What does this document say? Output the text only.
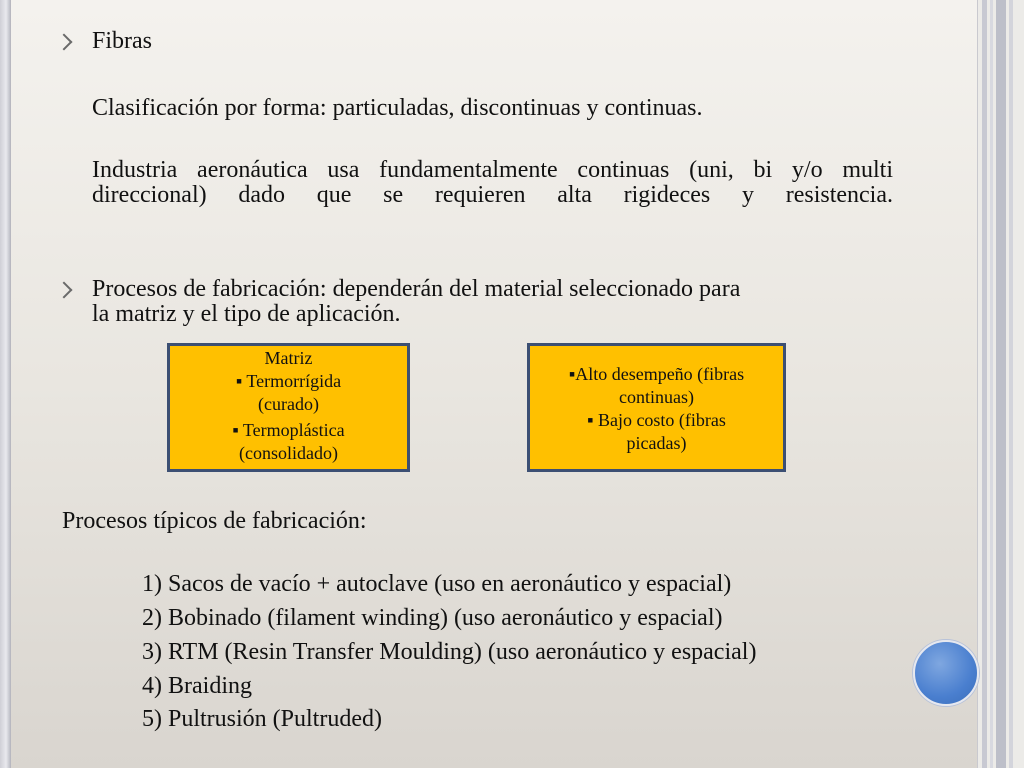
Fibras
Clasificación por forma: particuladas, discontinuas y continuas.
Industria aeronáutica usa fundamentalmente continuas (uni, bi y/o multi direccional) dado que se requieren alta rigideces y resistencia.
Procesos de fabricación: dependerán del material seleccionado para
la matriz y el tipo de aplicación.
Matriz
▪ Termorrígida
(curado)
▪ Termoplástica
(consolidado)
▪Alto desempeño (fibras
continuas)
▪ Bajo costo (fibras
picadas)
Procesos típicos de fabricación:
1) Sacos de vacío + autoclave (uso en aeronáutico y espacial)
2) Bobinado (filament winding) (uso aeronáutico y espacial)
3) RTM (Resin Transfer Moulding) (uso aeronáutico y espacial)
4) Braiding
5) Pultrusión (Pultruded)
